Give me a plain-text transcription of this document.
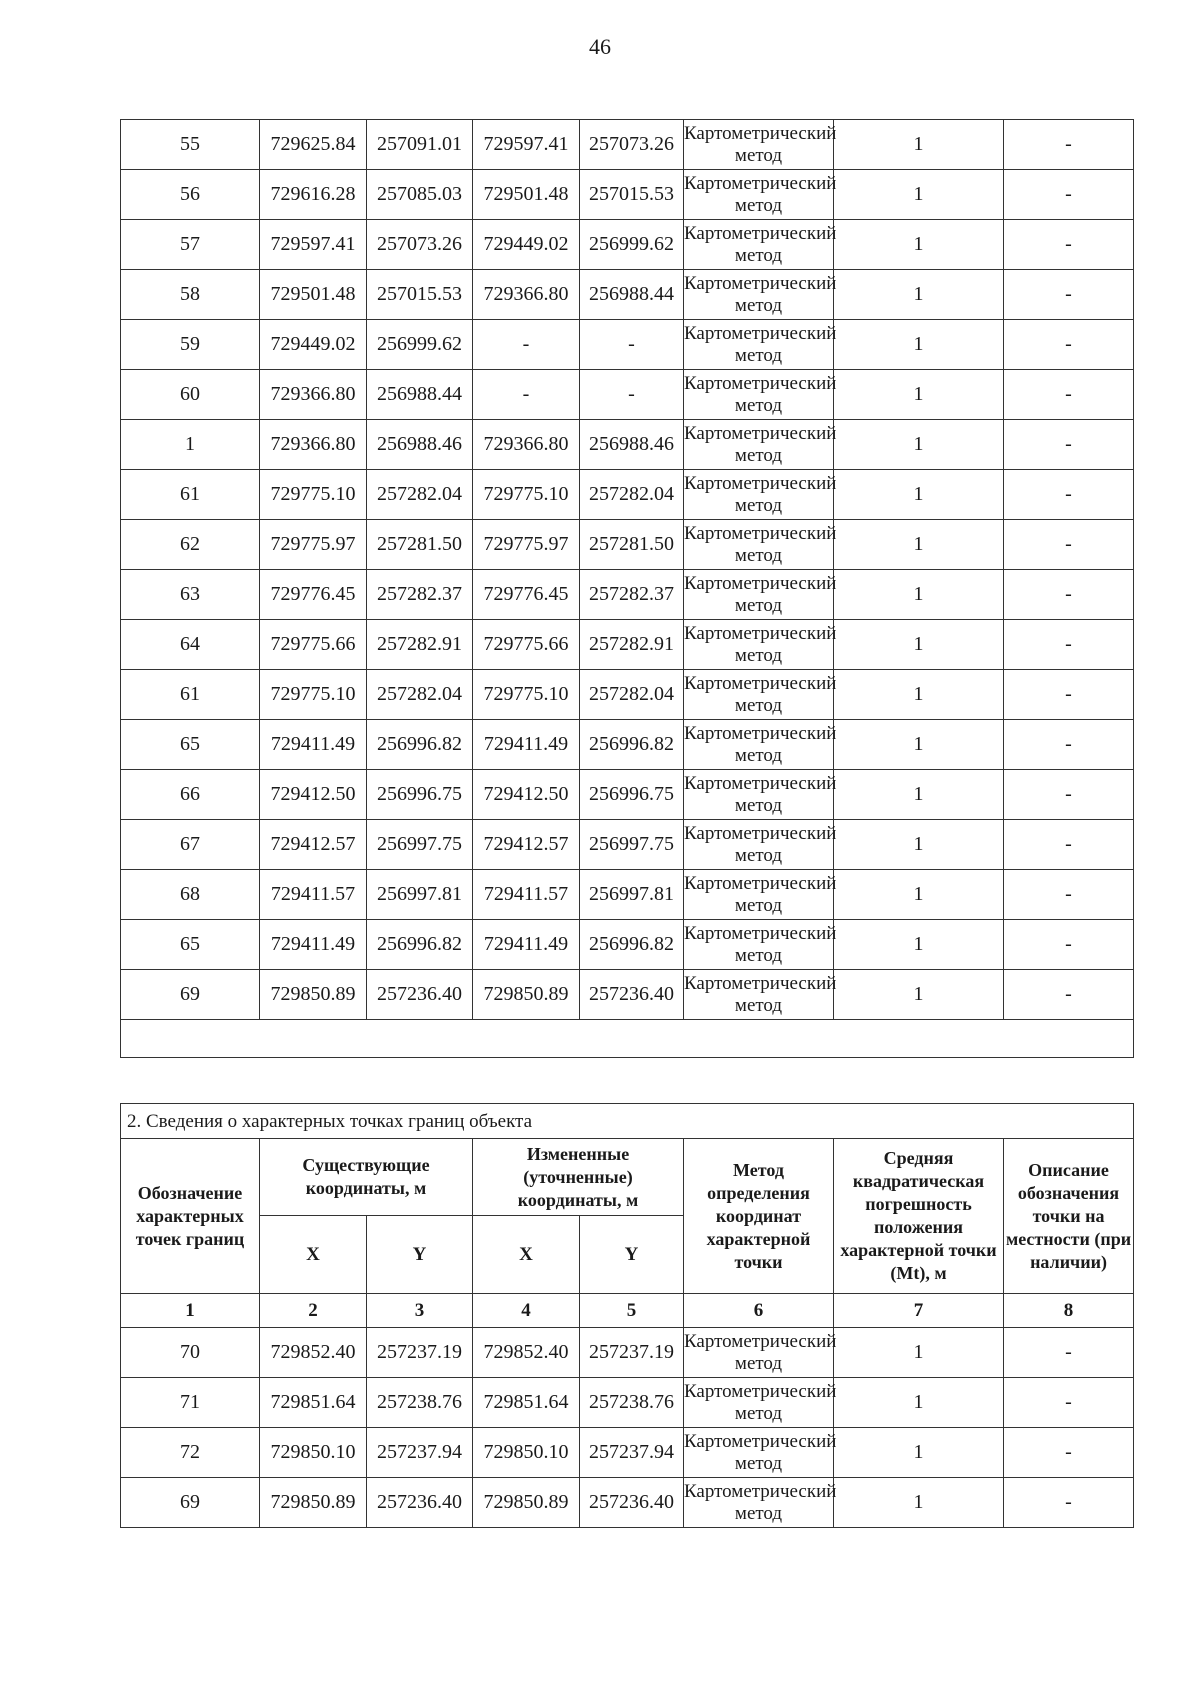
46
55	729625.84	257091.01	729597.41	257073.26	Картометрический метод	1	-
56	729616.28	257085.03	729501.48	257015.53	Картометрический метод	1	-
57	729597.41	257073.26	729449.02	256999.62	Картометрический метод	1	-
58	729501.48	257015.53	729366.80	256988.44	Картометрический метод	1	-
59	729449.02	256999.62	-	-	Картометрический метод	1	-
60	729366.80	256988.44	-	-	Картометрический метод	1	-
1	729366.80	256988.46	729366.80	256988.46	Картометрический метод	1	-
61	729775.10	257282.04	729775.10	257282.04	Картометрический метод	1	-
62	729775.97	257281.50	729775.97	257281.50	Картометрический метод	1	-
63	729776.45	257282.37	729776.45	257282.37	Картометрический метод	1	-
64	729775.66	257282.91	729775.66	257282.91	Картометрический метод	1	-
61	729775.10	257282.04	729775.10	257282.04	Картометрический метод	1	-
65	729411.49	256996.82	729411.49	256996.82	Картометрический метод	1	-
66	729412.50	256996.75	729412.50	256996.75	Картометрический метод	1	-
67	729412.57	256997.75	729412.57	256997.75	Картометрический метод	1	-
68	729411.57	256997.81	729411.57	256997.81	Картометрический метод	1	-
65	729411.49	256996.82	729411.49	256996.82	Картометрический метод	1	-
69	729850.89	257236.40	729850.89	257236.40	Картометрический метод	1	-

2. Сведения о характерных точках границ объекта							
Обозначение характерных точек границ	Существующие координаты, м		Измененные (уточненные) координаты, м		Метод определения координат характерной точки	Средняя квадратическая погрешность положения характерной точки (Mt), м	Описание обозначения точки на местности (при наличии)
	X	Y	X	Y			
1	2	3	4	5	6	7	8
70	729852.40	257237.19	729852.40	257237.19	Картометрический метод	1	-
71	729851.64	257238.76	729851.64	257238.76	Картометрический метод	1	-
72	729850.10	257237.94	729850.10	257237.94	Картометрический метод	1	-
69	729850.89	257236.40	729850.89	257236.40	Картометрический метод	1	-
